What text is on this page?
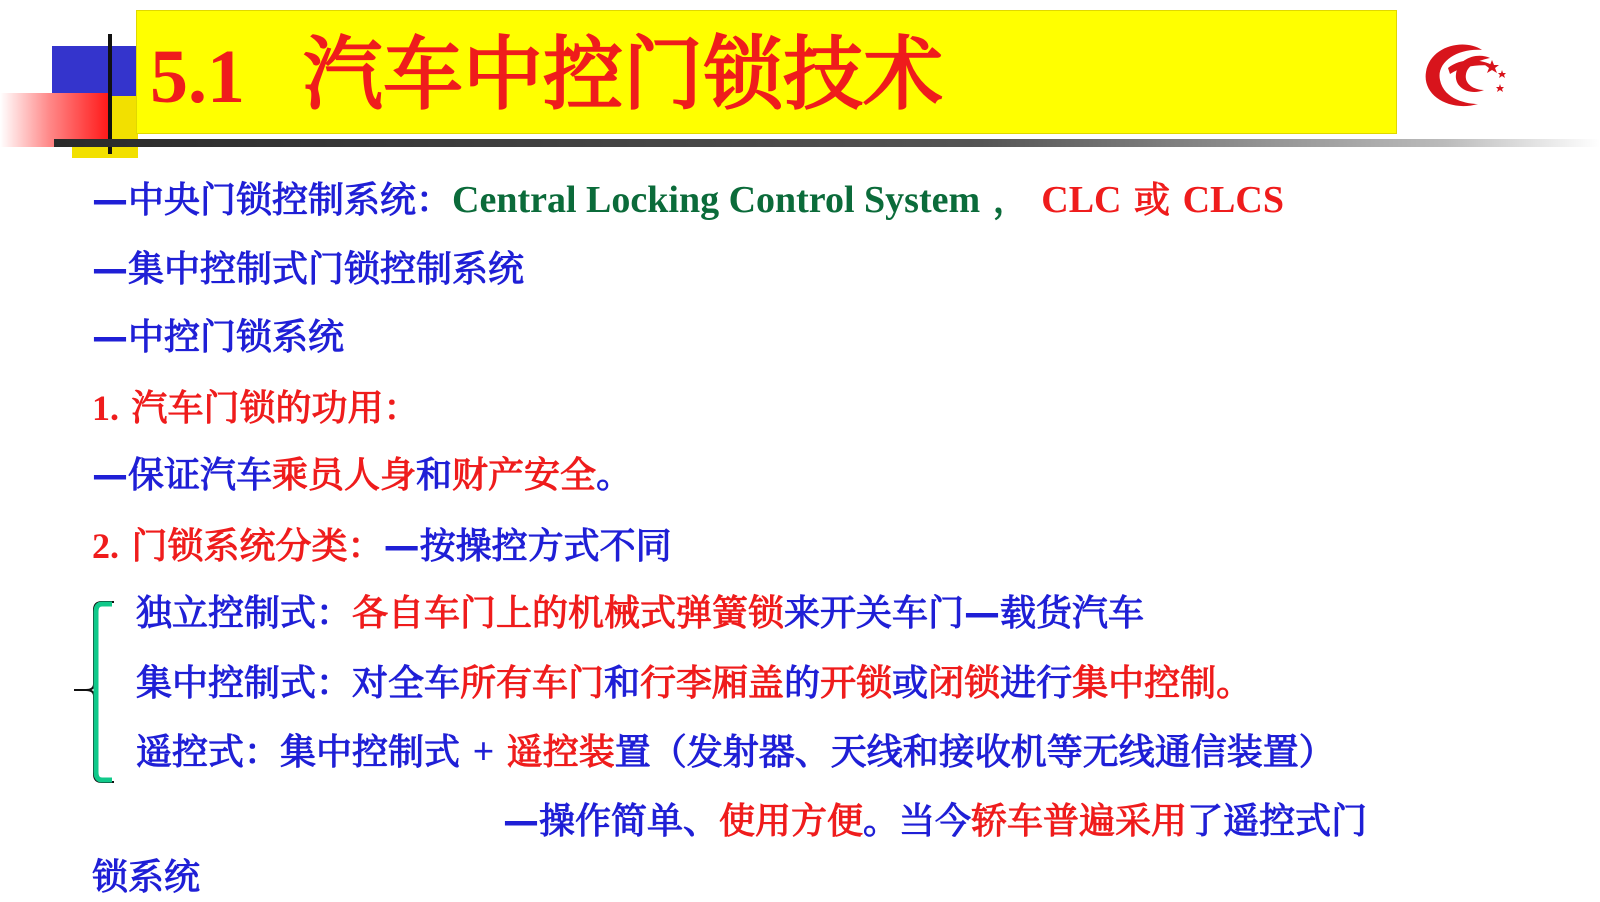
5.1 汽车中控门锁技术

—中央门锁控制系统：Central Locking Control System ， CLC 或 CLCS

—集中控制式门锁控制系统

—中控门锁系统

1. 汽车门锁的功用：

—保证汽车乘员人身和财产安全。

2. 门锁系统分类：—按操控方式不同

独立控制式：各自车门上的机械式弹簧锁来开关车门—载货汽车

集中控制式：对全车所有车门和行李厢盖的开锁或闭锁进行集中控制。

遥控式：集中控制式 + 遥控装置（发射器、天线和接收机等无线通信装置）

—操作简单、使用方便。当今轿车普遍采用了遥控式门

锁系统
